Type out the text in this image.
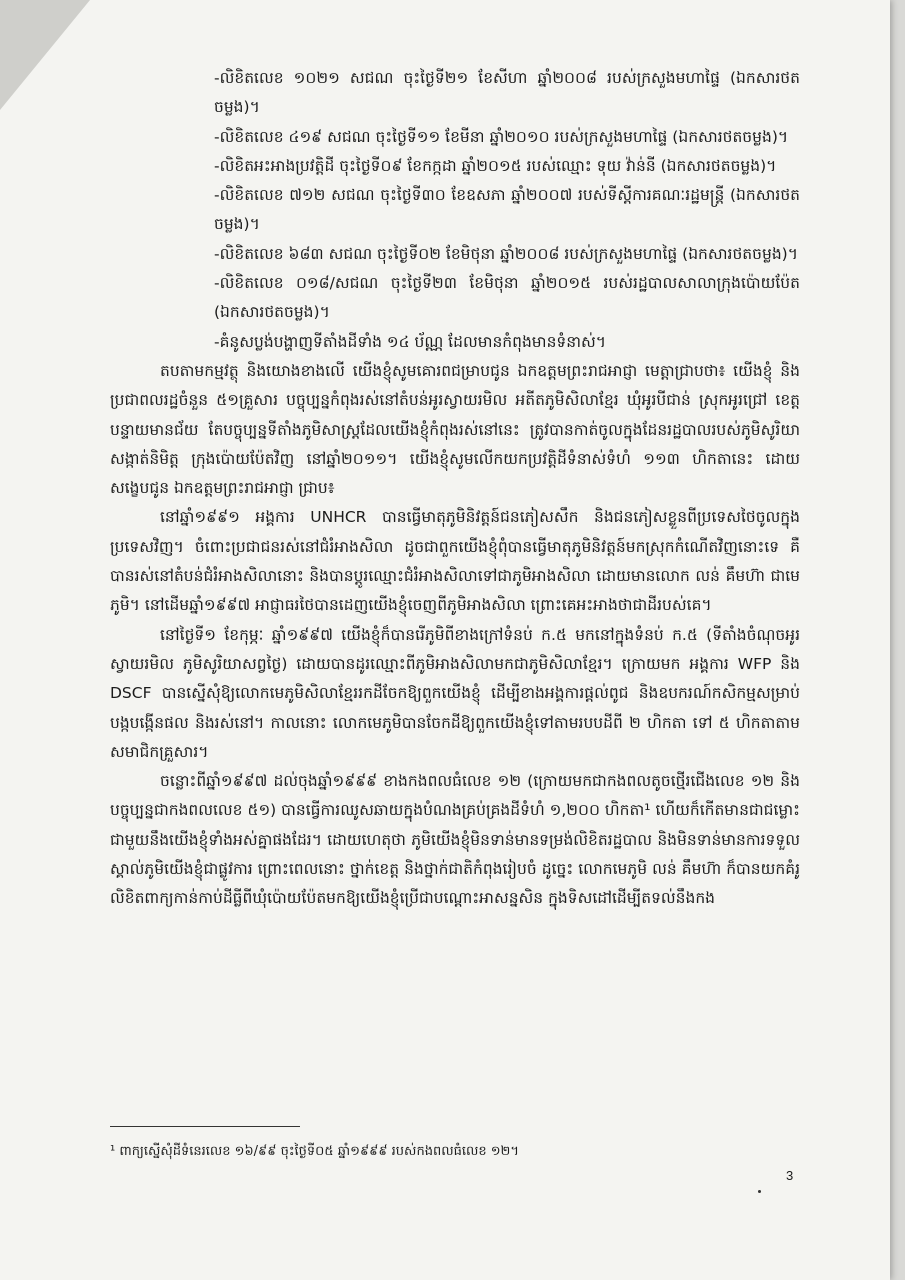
-លិខិតលេខ ១០២១ សជណ ចុះថ្ងៃទី២១ ខែសីហា ឆ្នាំ២០០៨ របស់ក្រសួងមហាផ្ទៃ (ឯកសារថតចម្លង)។

-លិខិតលេខ ៤១៩ សជណ ចុះថ្ងៃទី១១ ខែមីនា ឆ្នាំ២០១០ របស់ក្រសួងមហាផ្ទៃ (ឯកសារថតចម្លង)។

-លិខិតអះអាងប្រវត្តិដី ចុះថ្ងៃទី០៩ ខែកក្កដា ឆ្នាំ២០១៥ របស់ឈ្មោះ ទុយ វ៉ាន់នី (ឯកសារថតចម្លង)។

-លិខិតលេខ ៧១២ សជណ ចុះថ្ងៃទី៣០ ខែឧសភា ឆ្នាំ២០០៧ របស់ទីស្ដីការគណៈរដ្ឋមន្រ្តី (ឯកសារថតចម្លង)។

-លិខិតលេខ ៦៨៣ សជណ ចុះថ្ងៃទី០២ ខែមិថុនា ឆ្នាំ២០០៨ របស់ក្រសួងមហាផ្ទៃ (ឯកសារថតចម្លង)។

-លិខិតលេខ ០១៨/សជណ ចុះថ្ងៃទី២៣ ខែមិថុនា ឆ្នាំ២០១៥ របស់រដ្ឋបាលសាលាក្រុងប៉ោយប៉ែត (ឯកសារថតចម្លង)។

-គំនូសប្លង់បង្ហាញទីតាំងដីទាំង ១៤ ប័ណ្ណ ដែលមានកំពុងមានទំនាស់។

តបតាមកម្មវត្ថុ និងយោងខាងលើ យើងខ្ញុំសូមគោរពជម្រាបជូន ឯកឧត្តមព្រះរាជអាជ្ញា មេត្តាជ្រាបថា៖ យើងខ្ញុំ និងប្រជាពលរដ្ឋចំនួន ៥១គ្រួសារ បច្ចុប្បន្នកំពុងរស់នៅតំបន់អូរស្វាយរមិល អតីតភូមិសិលាខ្មែរ ឃុំអូរបីជាន់ ស្រុកអូរជ្រៅ ខេត្តបន្ទាយមានជ័យ តែបច្ចុប្បន្នទីតាំងភូមិសាស្រ្តដែលយើងខ្ញុំកំពុងរស់នៅនេះ ត្រូវបានកាត់ចូលក្នុងដែនរដ្ឋបាលរបស់ភូមិសូរិយា សង្កាត់និមិត្ត ក្រុងប៉ោយប៉ែតវិញ នៅឆ្នាំ២០១១។ យើងខ្ញុំសូមលើកយកប្រវត្តិដីទំនាស់ទំហំ ១១៣ ហិកតានេះ ដោយសង្ខេបជូន ឯកឧត្តមព្រះរាជអាជ្ញា ជ្រាប៖

នៅឆ្នាំ១៩៩១ អង្គការ UNHCR បានធ្វើមាតុភូមិនិវត្តន៍ជនភៀសសឹក និងជនភៀសខ្លួនពីប្រទេសថៃចូលក្នុងប្រទេសវិញ។ ចំពោះប្រជាជនរស់នៅជំរំអាងសិលា ដូចជាពួកយើងខ្ញុំពុំបានធ្វើមាតុភូមិនិវត្តន៍មកស្រុកកំណើតវិញនោះទេ គឺបានរស់នៅតំបន់ជំរំអាងសិលានោះ និងបានប្តូរឈ្មោះជំរំអាងសិលាទៅជាភូមិអាងសិលា ដោយមានលោក លន់ គឹមហ៊ា ជាមេភូមិ។ នៅដើមឆ្នាំ១៩៩៧ អាជ្ញាធរថៃបានដេញយើងខ្ញុំចេញពីភូមិអាងសិលា ព្រោះគេអះអាងថាជាដីរបស់គេ។

នៅថ្ងៃទី១ ខែកុម្ភៈ ឆ្នាំ១៩៩៧ យើងខ្ញុំក៏បានរើភូមិពីខាងក្រៅទំនប់ ក.៥ មកនៅក្នុងទំនប់ ក.៥ (ទីតាំងចំណុចអូរស្វាយរមិល ភូមិសូរិយាសព្វថ្ងៃ) ដោយបានដូរឈ្មោះពីភូមិអាងសិលាមកជាភូមិសិលាខ្មែរ។ ក្រោយមក អង្គការ WFP និង DSCF បានស្នើសុំឱ្យលោកមេភូមិសិលាខ្មែររកដីចែកឱ្យពួកយើងខ្ញុំ ដើម្បីខាងអង្គការផ្តល់ពូជ និងឧបករណ៍កសិកម្មសម្រាប់បង្កបង្កើនផល និងរស់នៅ។ កាលនោះ លោកមេភូមិបានចែកដីឱ្យពួកយើងខ្ញុំទៅតាមរបបដីពី ២ ហិកតា ទៅ ៥ ហិកតាតាមសមាជិកគ្រួសារ។

ចន្លោះពីឆ្នាំ១៩៩៧ ដល់ចុងឆ្នាំ១៩៩៩ ខាងកងពលធំលេខ ១២ (ក្រោយមកជាកងពលតូចថ្មើរជើងលេខ ១២ និងបច្ចុប្បន្នជាកងពលលេខ ៥១) បានធ្វើការឈូសឆាយក្នុងបំណងគ្រប់គ្រងដីទំហំ ១,២០០ ហិកតា¹ ហើយក៏កើតមានជាជម្លោះជាមួយនឹងយើងខ្ញុំទាំងអស់គ្នាផងដែរ។ ដោយហេតុថា ភូមិយើងខ្ញុំមិនទាន់មានទម្រង់លិខិតរដ្ឋបាល និងមិនទាន់មានការទទួលស្គាល់ភូមិយើងខ្ញុំជាផ្លូវការ ព្រោះពេលនោះ ថ្នាក់ខេត្ត និងថ្នាក់ជាតិកំពុងរៀបចំ ដូច្នេះ លោកមេភូមិ លន់ គឹមហ៊ា ក៏បានយកគំរូលិខិតពាក្យកាន់កាប់ដីធ្លីពីឃុំប៉ោយប៉ែតមកឱ្យយើងខ្ញុំប្រើជាបណ្តោះអាសន្នសិន ក្នុងទិសដៅដើម្បីតទល់នឹងកង

¹ ពាក្យស្នើសុំដីទំនេរលេខ ១៦/៩៩ ចុះថ្ងៃទី០៥ ឆ្នាំ១៩៩៩ របស់កងពលធំលេខ ១២។
3
